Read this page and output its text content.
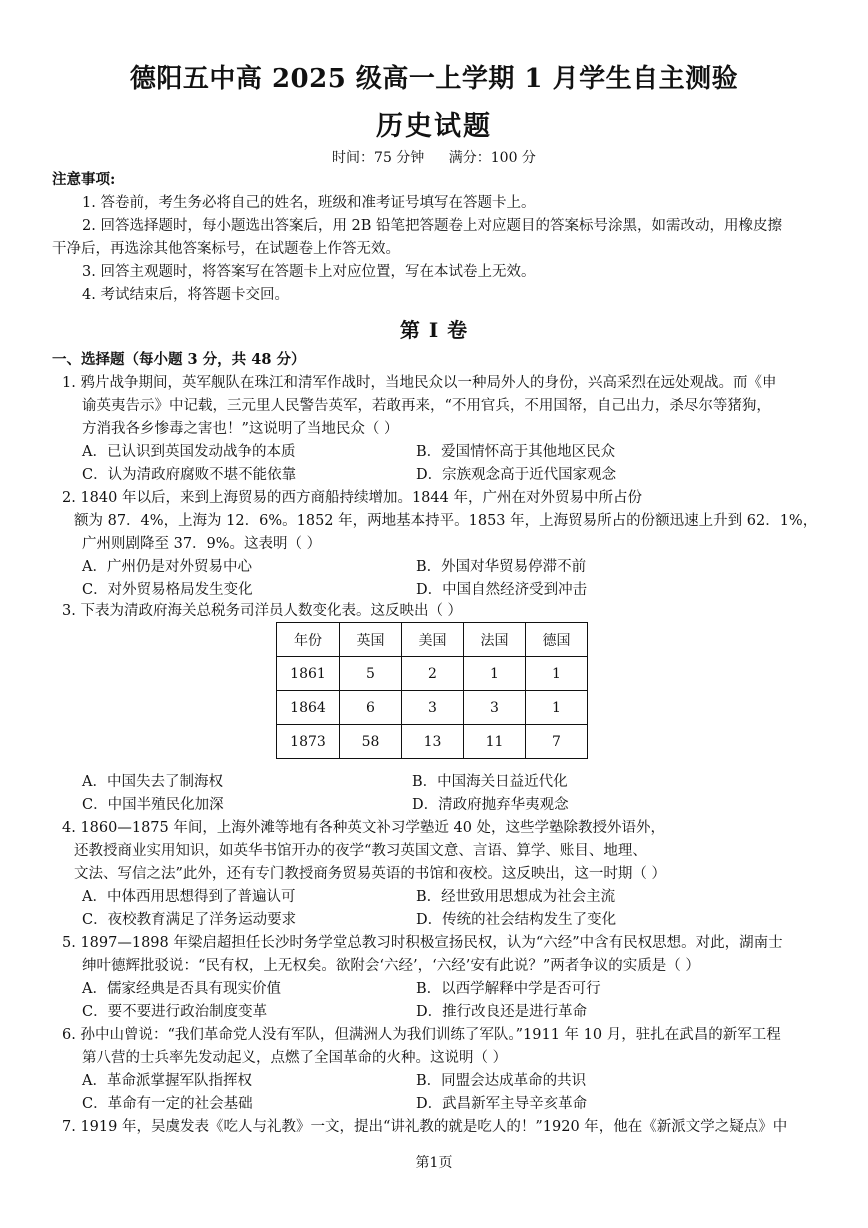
德阳五中高 2025 级高一上学期 1 月学生自主测验
历史试题
时间：75 分钟 满分：100 分
注意事项:
1. 答卷前，考生务必将自己的姓名，班级和准考证号填写在答题卡上。
2. 回答选择题时，每小题选出答案后，用 2B 铅笔把答题卷上对应题目的答案标号涂黑，如需改动，用橡皮擦
干净后，再选涂其他答案标号，在试题卷上作答无效。
3. 回答主观题时，将答案写在答题卡上对应位置，写在本试卷上无效。
4. 考试结束后，将答题卡交回。
第 Ⅰ 卷
一、选择题（每小题 3 分，共 48 分）
1. 鸦片战争期间，英军舰队在珠江和清军作战时，当地民众以一种局外人的身份，兴高采烈在远处观战。而《申
谕英夷告示》中记载，三元里人民警告英军，若敢再来，“不用官兵，不用国帑，自己出力，杀尽尔等猪狗，
方消我各乡惨毒之害也！”这说明了当地民众（ ）
A．已认识到英国发动战争的本质	B．爱国情怀高于其他地区民众
C．认为清政府腐败不堪不能依靠	D．宗族观念高于近代国家观念
2. 1840 年以后，来到上海贸易的西方商船持续增加。1844 年，广州在对外贸易中所占份
额为 87．4%，上海为 12．6%。1852 年，两地基本持平。1853 年，上海贸易所占的份额迅速上升到 62．1%，
广州则剧降至 37．9%。这表明（ ）
A．广州仍是对外贸易中心	B．外国对华贸易停滞不前
C．对外贸易格局发生变化	D．中国自然经济受到冲击
3. 下表为清政府海关总税务司洋员人数变化表。这反映出（ ）
年份	英国	美国	法国	德国
1861	5	2	1	1
1864	6	3	3	1
1873	58	13	11	7
A．中国失去了制海权	B．中国海关日益近代化
C．中国半殖民化加深	D．清政府抛弃华夷观念
4. 1860—1875 年间，上海外滩等地有各种英文补习学塾近 40 处，这些学塾除教授外语外，
还教授商业实用知识，如英华书馆开办的夜学“教习英国文意、言语、算学、账目、地理、
文法、写信之法”此外，还有专门教授商务贸易英语的书馆和夜校。这反映出，这一时期（ ）
A．中体西用思想得到了普遍认可	B．经世致用思想成为社会主流
C．夜校教育满足了洋务运动要求	D．传统的社会结构发生了变化
5. 1897—1898 年梁启超担任长沙时务学堂总教习时积极宣扬民权，认为“六经”中含有民权思想。对此，湖南士
绅叶德辉批驳说：“民有权，上无权矣。欲附会‘六经’，‘六经’安有此说？”两者争议的实质是（ ）
A．儒家经典是否具有现实价值	B．以西学解释中学是否可行
C．要不要进行政治制度变革	D．推行改良还是进行革命
6. 孙中山曾说：“我们革命党人没有军队，但满洲人为我们训练了军队。”1911 年 10 月，驻扎在武昌的新军工程
第八营的士兵率先发动起义，点燃了全国革命的火种。这说明（ ）
A．革命派掌握军队指挥权	B．同盟会达成革命的共识
C．革命有一定的社会基础	D．武昌新军主导辛亥革命
7. 1919 年，吴虞发表《吃人与礼教》一文，提出“讲礼教的就是吃人的！”1920 年，他在《新派文学之疑点》中
第1页
